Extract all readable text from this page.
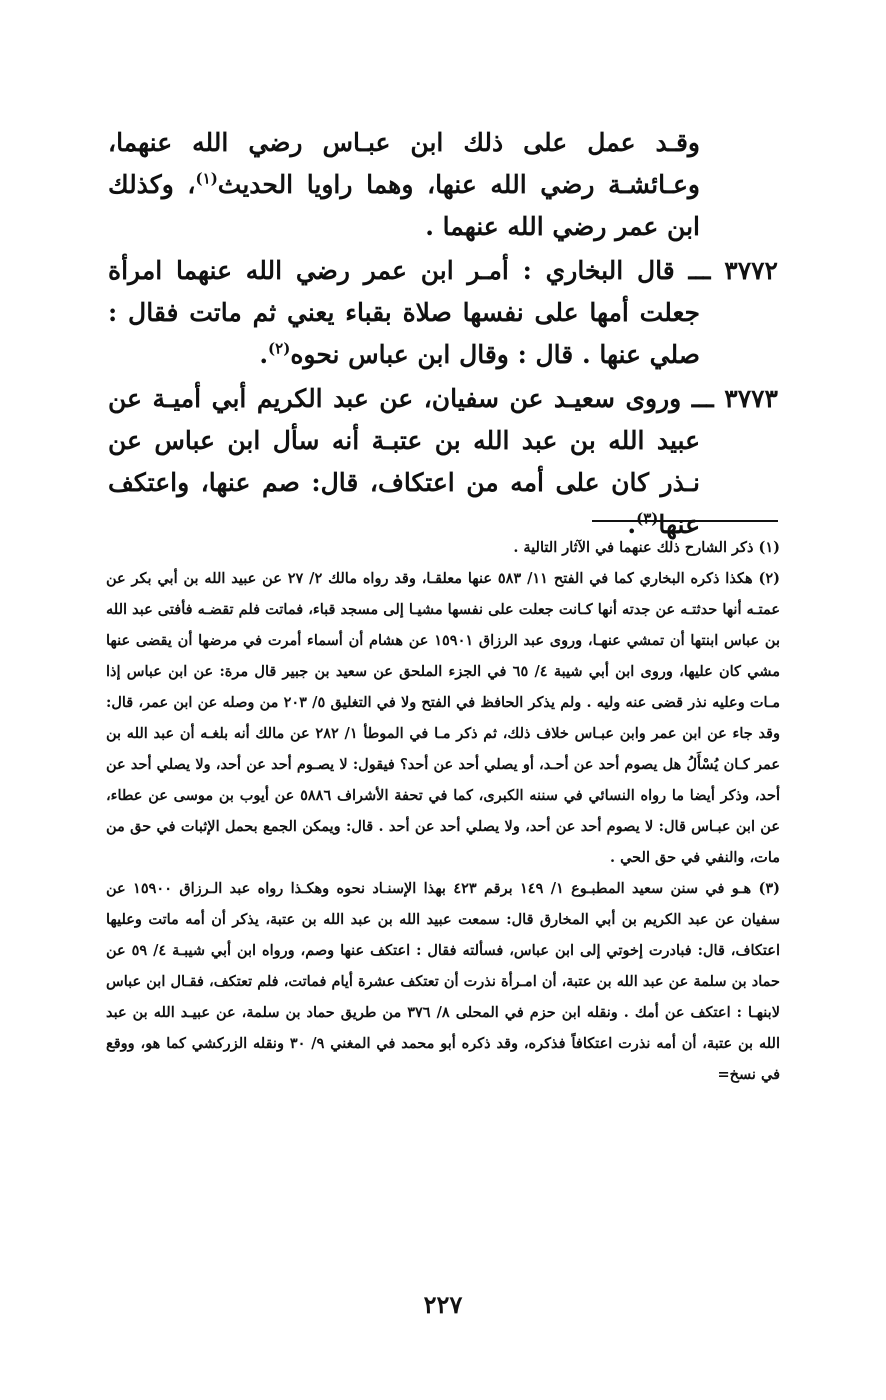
وقـد عمل على ذلك ابن عبـاس رضي الله عنهما، وعـائشـة رضي الله عنها، وهما راويا الحديث$^{(١)}$، وكذلك ابن عمر رضي الله عنهما .

٣٧٧٢ ـــ قال البخاري : أمـر ابن عمر رضي الله عنهما امرأة جعلت أمها على نفسها صلاة بقباء يعني ثم ماتت فقال : صلي عنها . قال : وقال ابن عباس نحوه$^{(٢)}$.

٣٧٧٣ ـــ وروى سعيـد عن سفيان، عن عبد الكريم أبي أميـة عن عبيد الله بن عبد الله بن عتبـة أنه سأل ابن عباس عن نـذر كان على أمه من اعتكاف، قال: صم عنها، واعتكف عنها$^{(٣)}$.

(١) ذكر الشارح ذلك عنهما في الآثار التالية .

(٢) هكذا ذكره البخاري كما في الفتح ١١/ ٥٨٣ عنها معلقـا، وقد رواه مالك ٢/ ٢٧ عن عبيد الله بن أبي بكر عن عمتـه أنها حدثتـه عن جدته أنها كـانت جعلت على نفسها مشيـا إلى مسجد قباء، فماتت فلم تقضـه فأفتى عبد الله بن عباس ابنتها أن تمشي عنهـا، وروى عبد الرزاق ١٥٩٠١ عن هشام أن أسماء أمرت في مرضها أن يقضى عنها مشي كان عليها، وروى ابن أبي شيبة ٤/ ٦٥ في الجزء الملحق عن سعيد بن جبير قال مرة: عن ابن عباس إذا مـات وعليه نذر قضى عنه وليه . ولم يذكر الحافظ في الفتح ولا في التغليق ٥/ ٢٠٣ من وصله عن ابن عمر، قال: وقد جاء عن ابن عمر وابن عبـاس خلاف ذلك، ثم ذكر مـا في الموطأ ١/ ٢٨٢ عن مالك أنه بلغـه أن عبد الله بن عمر كـان يُسْأَلُ هل يصوم أحد عن أحـد، أو يصلي أحد عن أحد؟ فيقول: لا يصـوم أحد عن أحد، ولا يصلي أحد عن أحد، وذكر أيضا ما رواه النسائي في سننه الكبرى، كما في تحفة الأشراف ٥٨٨٦ عن أيوب بن موسى عن عطاء، عن ابن عبـاس قال: لا يصوم أحد عن أحد، ولا يصلي أحد عن أحد . قال: ويمكن الجمع بحمل الإثبات في حق من مات، والنفي في حق الحي .

(٣) هـو في سنن سعيد المطبـوع ١/ ١٤٩ برقم ٤٢٣ بهذا الإسنـاد نحوه وهكـذا رواه عبد الـرزاق ١٥٩٠٠ عن سفيان عن عبد الكريم بن أبي المخارق قال: سمعت عبيد الله بن عبد الله بن عتبة، يذكر أن أمه ماتت وعليها اعتكاف، قال: فبادرت إخوتي إلى ابن عباس، فسألته فقال : اعتكف عنها وصم، ورواه ابن أبي شيبـة ٤/ ٥٩ عن حماد بن سلمة عن عبد الله بن عتبة، أن امـرأة نذرت أن تعتكف عشرة أيام فماتت، فلم تعتكف، فقـال ابن عباس لابنهـا : اعتكف عن أمك . ونقله ابن حزم في المحلى ٨/ ٣٧٦ من طريق حماد بن سلمة، عن عبيـد الله بن عبد الله بن عتبة، أن أمه نذرت اعتكافاً فذكره، وقد ذكره أبو محمد في المغني ٩/ ٣٠ ونقله الزركشي كما هو، ووقع في نسخ=

٢٢٧
